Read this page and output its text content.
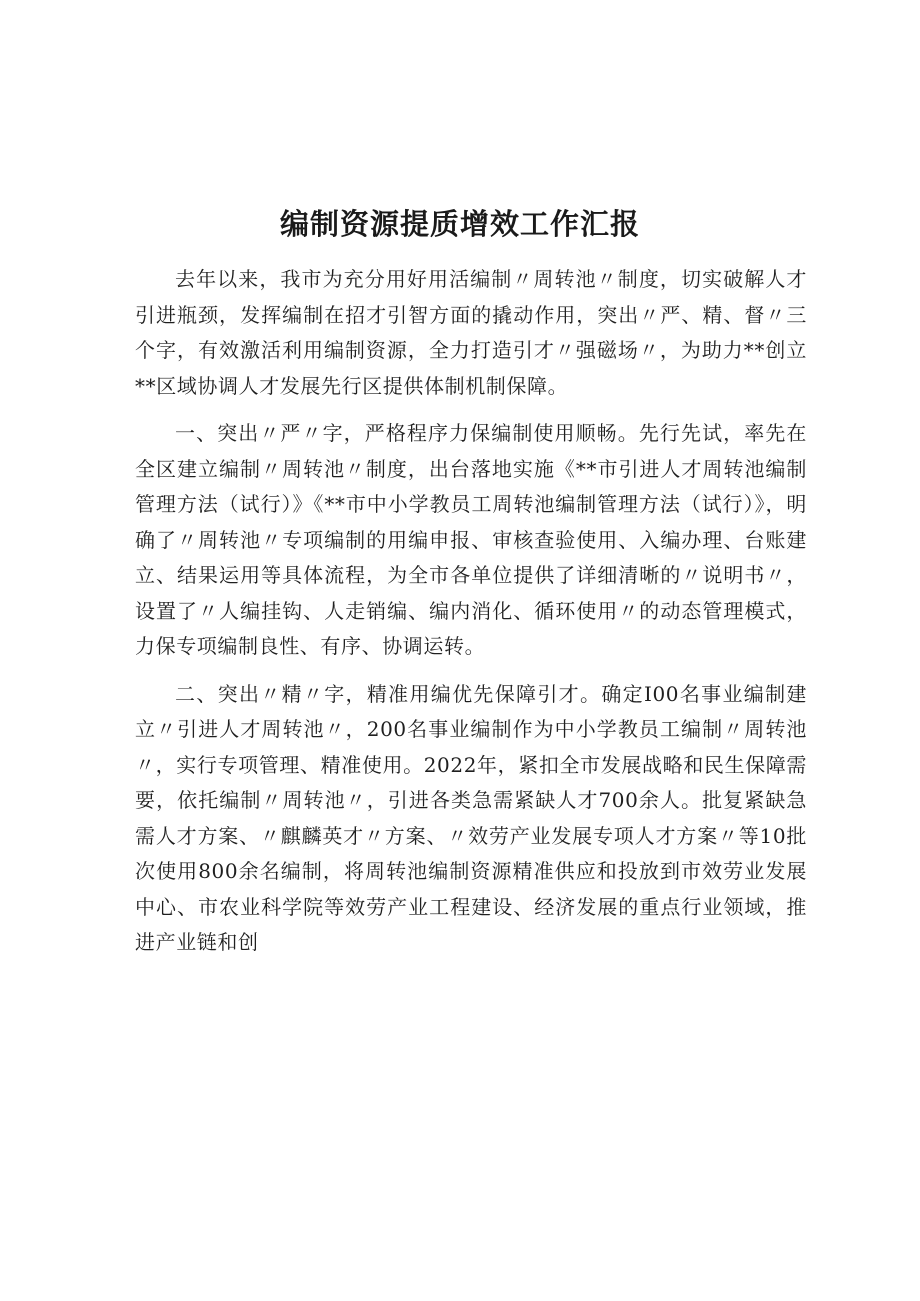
编制资源提质增效工作汇报

去年以来，我市为充分用好用活编制〃周转池〃制度，切实破解人才引进瓶颈，发挥编制在招才引智方面的撬动作用，突出〃严、精、督〃三个字，有效激活利用编制资源，全力打造引才〃强磁场〃，为助力**创立**区域协调人才发展先行区提供体制机制保障。

一、突出〃严〃字，严格程序力保编制使用顺畅。先行先试，率先在全区建立编制〃周转池〃制度，出台落地实施《**市引进人才周转池编制管理方法（试行）》《**市中小学教员工周转池编制管理方法（试行）》，明确了〃周转池〃专项编制的用编申报、审核查验使用、入编办理、台账建立、结果运用等具体流程，为全市各单位提供了详细清晰的〃说明书〃，设置了〃人编挂钩、人走销编、编内消化、循环使用〃的动态管理模式，力保专项编制良性、有序、协调运转。

二、突出〃精〃字，精准用编优先保障引才。确定I00名事业编制建立〃引进人才周转池〃，200名事业编制作为中小学教员工编制〃周转池〃，实行专项管理、精准使用。2022年，紧扣全市发展战略和民生保障需要，依托编制〃周转池〃，引进各类急需紧缺人才700余人。批复紧缺急需人才方案、〃麒麟英才〃方案、〃效劳产业发展专项人才方案〃等10批次使用800余名编制，将周转池编制资源精准供应和投放到市效劳业发展中心、市农业科学院等效劳产业工程建设、经济发展的重点行业领域，推进产业链和创
